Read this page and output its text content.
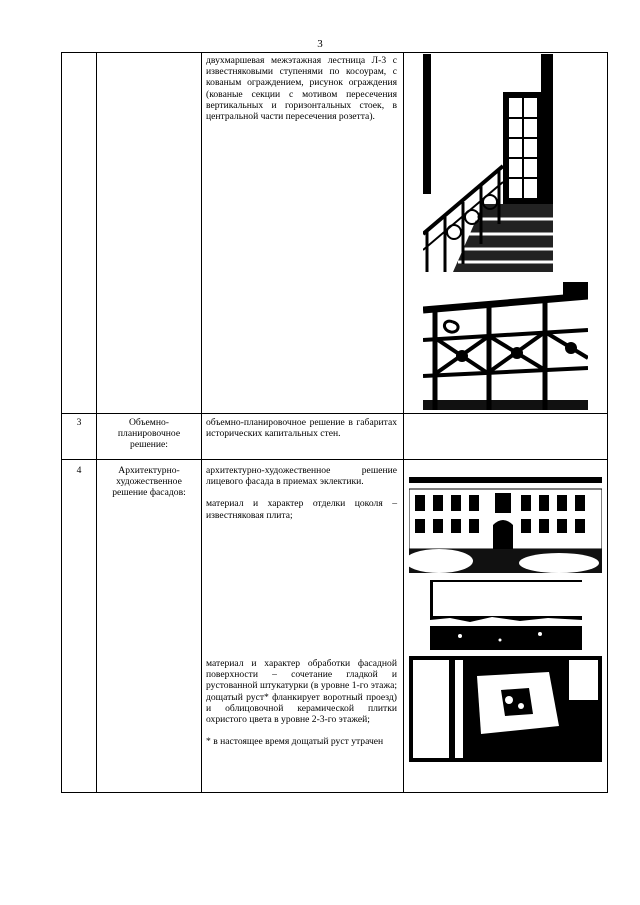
3
двухмаршевая межэтажная лестница Л-3 с известняковыми ступенями по косоурам, с кованым ограждением, рисунок ограждения (кованые секции с мотивом пересечения вертикальных и горизонтальных стоек, в центральной части пересечения розетта).
3	Объемно-планировочное решение:
объемно-планировочное решение в габаритах исторических капитальных стен.
4	Архитектурно-художественное решение фасадов:

архитектурно-художественное решение лицевого фасада в приемах эклектики.

материал и характер отделки цоколя – известняковая плита;

материал и характер обработки фасадной поверхности – сочетание гладкой и рустованной штукатурки (в уровне 1-го этажа; дощатый руст* фланкирует воротный проезд) и облицовочной керамической плитки охристого цвета в уровне 2-3-го этажей;

* в настоящее время дощатый руст утрачен
